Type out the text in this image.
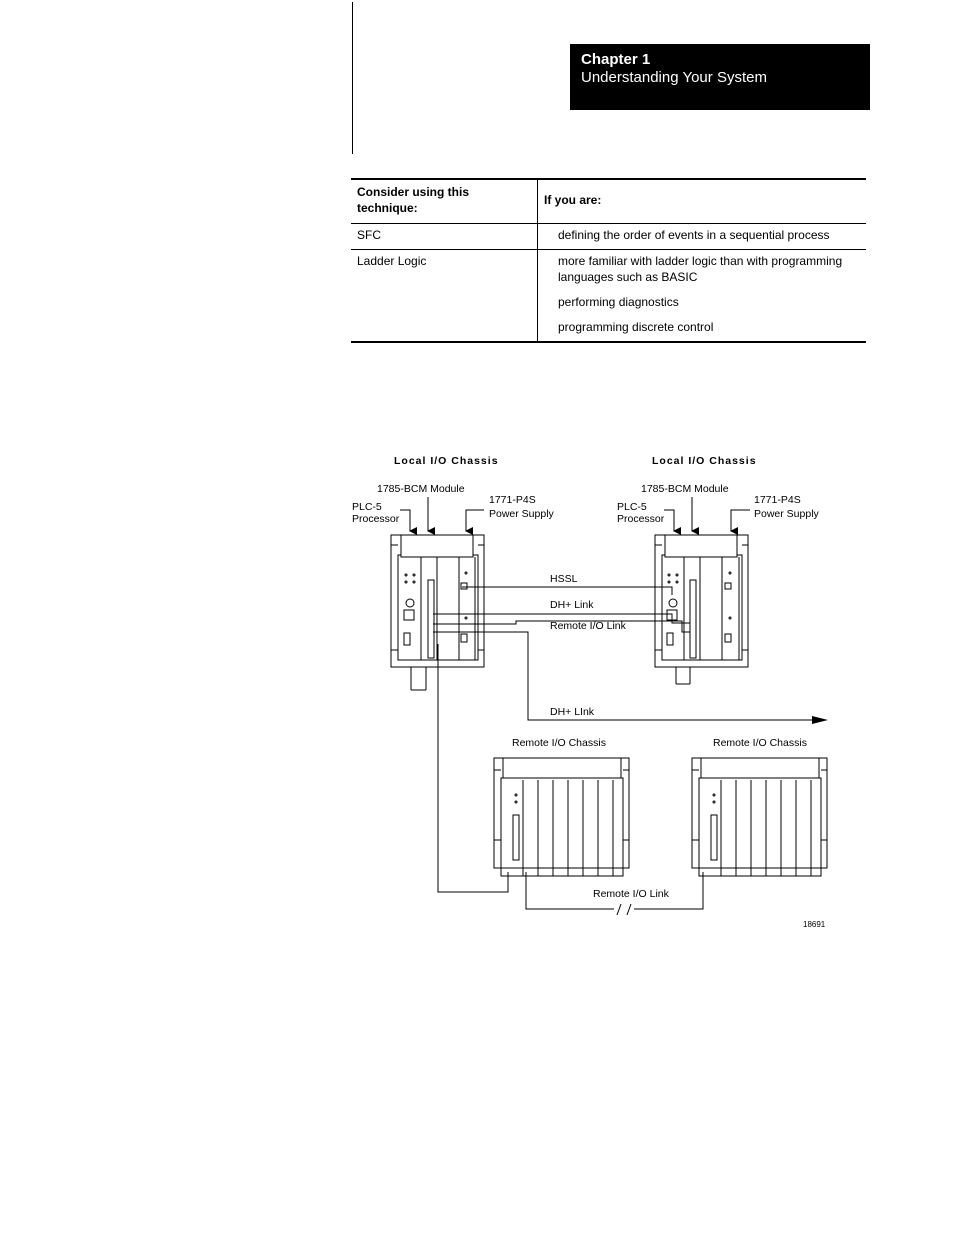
Chapter 1
Understanding Your System
Consider using this technique:	If you are:
SFC	defining the order of events in a sequential process

Ladder Logic	more familiar with ladder logic than with programming languages such as BASIC

performing diagnostics

programming discrete control

Local I/O Chassis	Local I/O Chassis
1785-BCM Module
PLC-5
Processor
1771-P4S
Power Supply
1785-BCM Module
PLC-5
Processor
1771-P4S
Power Supply
HSSL
DH+ Link
Remote I/O Link
DH+ LInk
Remote I/O Chassis	Remote I/O Chassis
Remote I/O Link
18691
